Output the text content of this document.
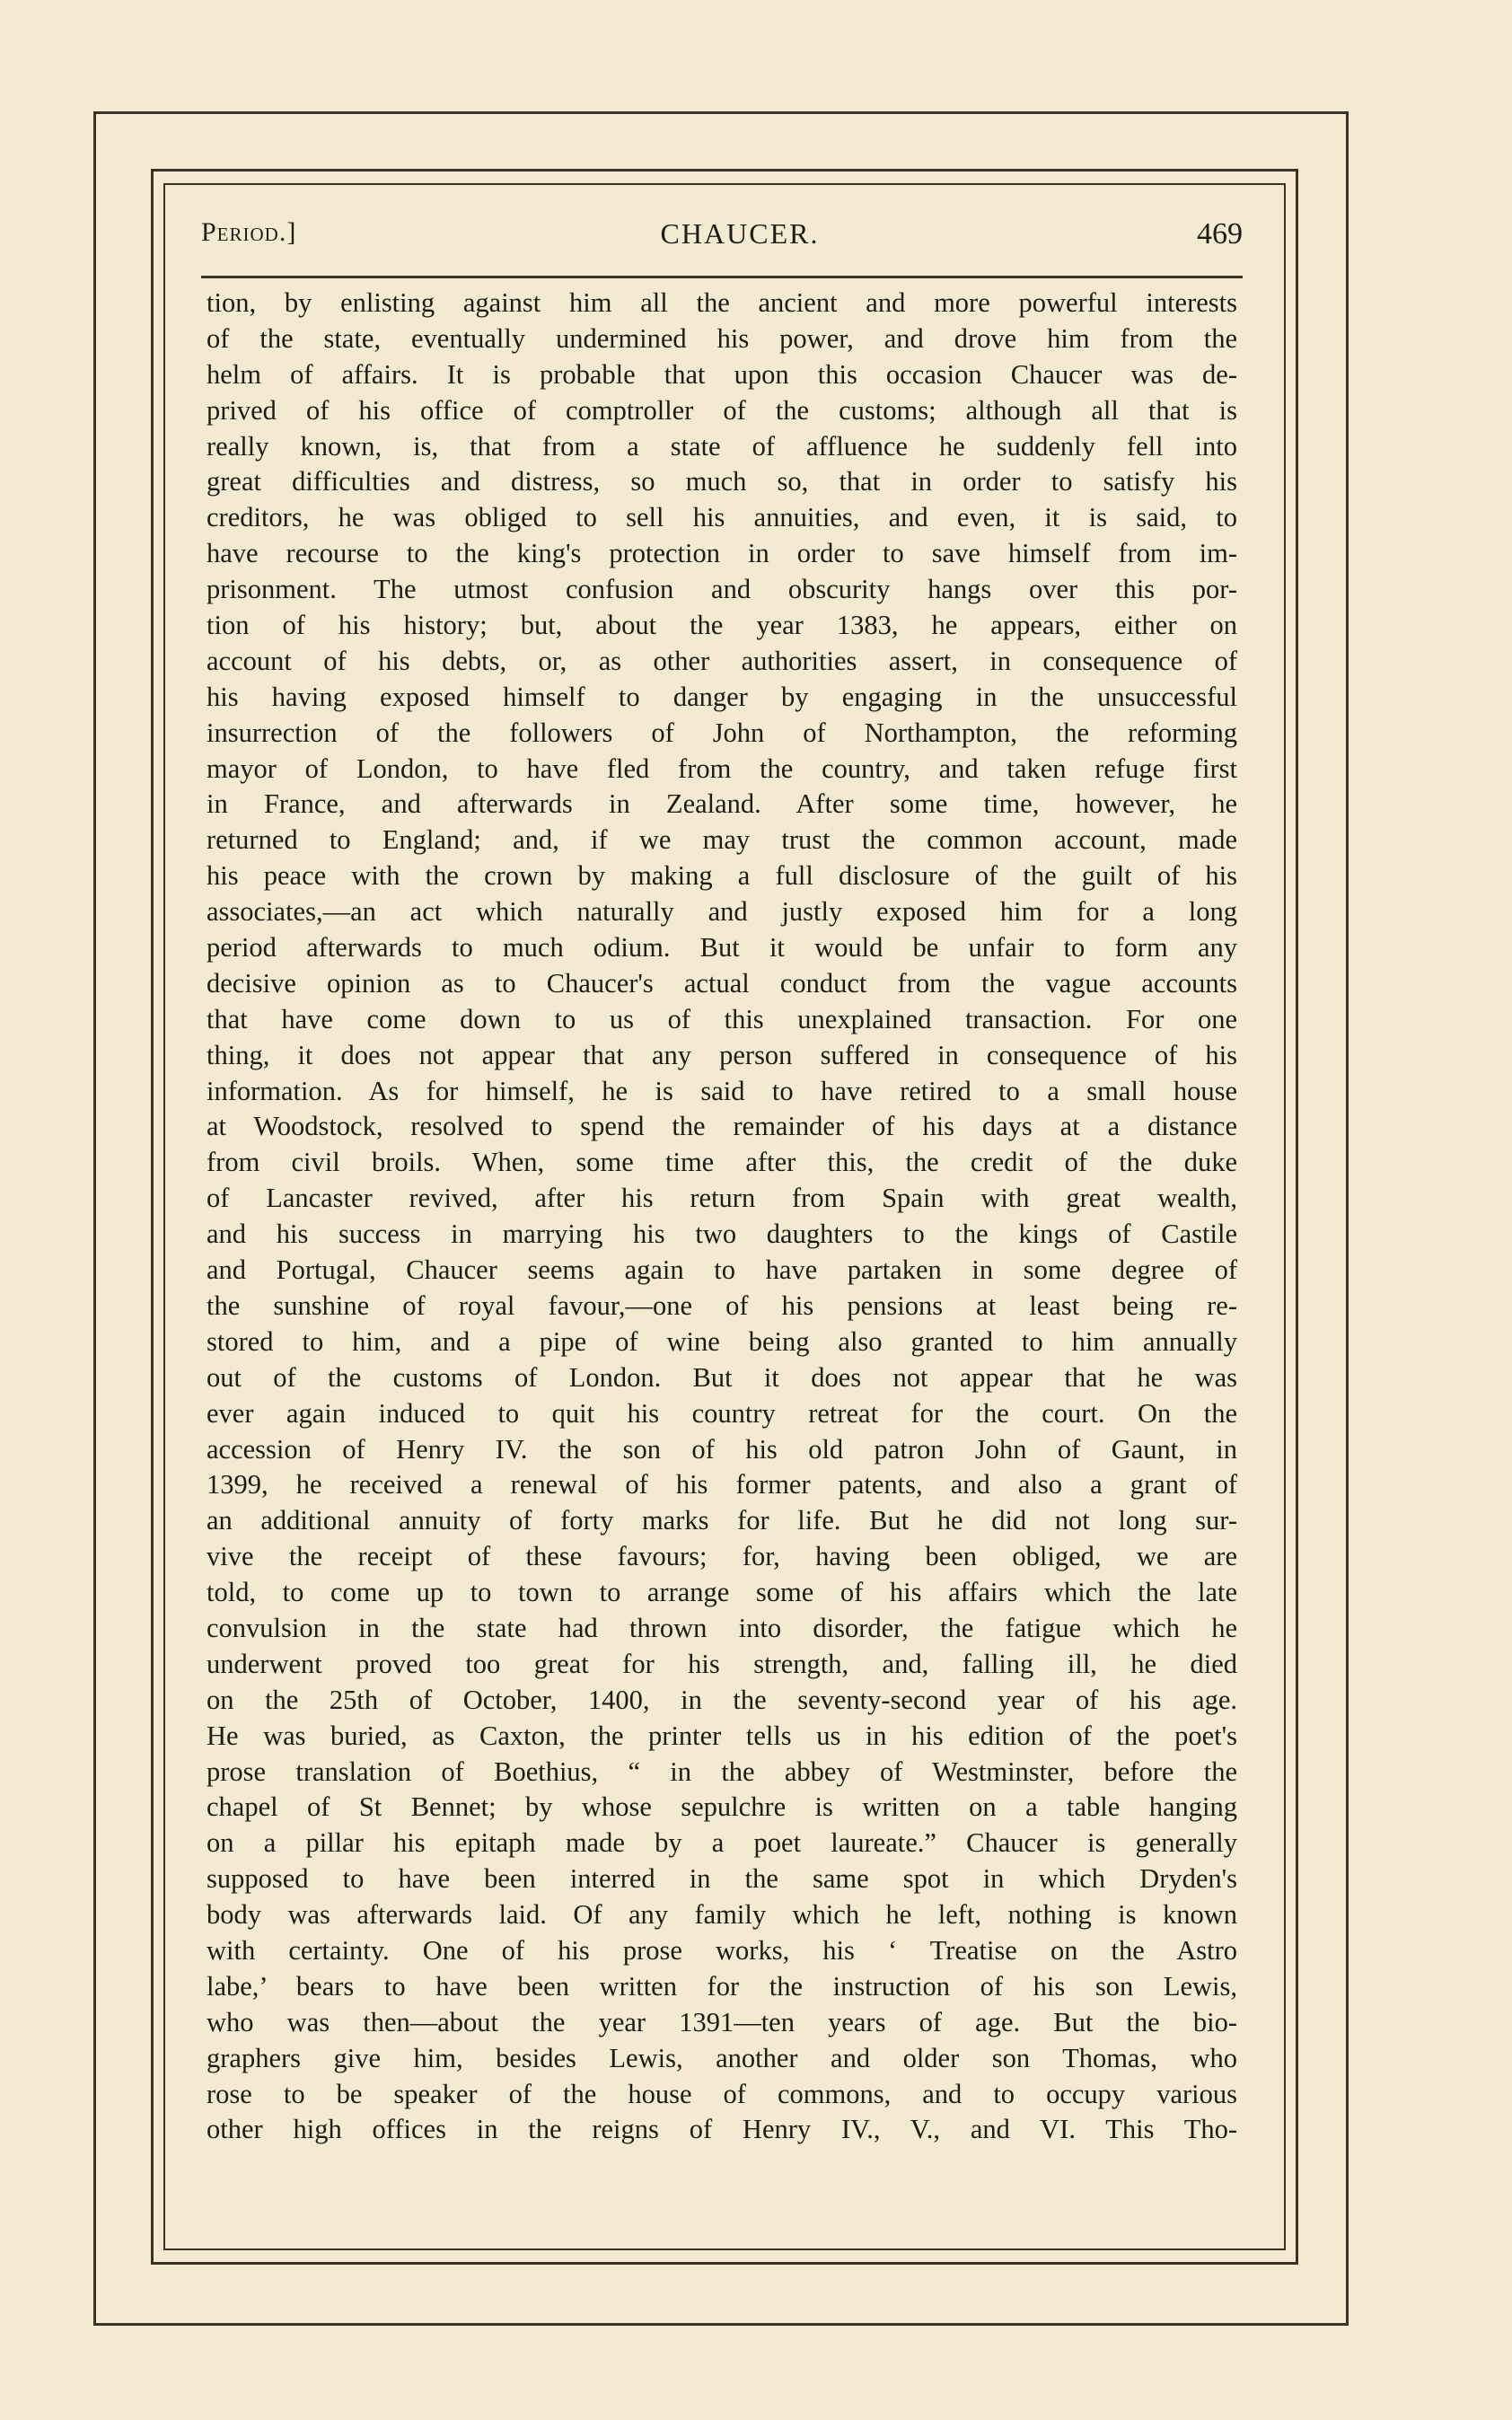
Period.]	CHAUCER.	469
tion, by enlisting against him all the ancient and more powerful interests
of the state, eventually undermined his power, and drove him from the
helm of affairs. It is probable that upon this occasion Chaucer was de-
prived of his office of comptroller of the customs; although all that is
really known, is, that from a state of affluence he suddenly fell into
great difficulties and distress, so much so, that in order to satisfy his
creditors, he was obliged to sell his annuities, and even, it is said, to
have recourse to the king's protection in order to save himself from im-
prisonment. The utmost confusion and obscurity hangs over this por-
tion of his history; but, about the year 1383, he appears, either on
account of his debts, or, as other authorities assert, in consequence of
his having exposed himself to danger by engaging in the unsuccessful
insurrection of the followers of John of Northampton, the reforming
mayor of London, to have fled from the country, and taken refuge first
in France, and afterwards in Zealand. After some time, however, he
returned to England; and, if we may trust the common account, made
his peace with the crown by making a full disclosure of the guilt of his
associates,—an act which naturally and justly exposed him for a long
period afterwards to much odium. But it would be unfair to form any
decisive opinion as to Chaucer's actual conduct from the vague accounts
that have come down to us of this unexplained transaction. For one
thing, it does not appear that any person suffered in consequence of his
information. As for himself, he is said to have retired to a small house
at Woodstock, resolved to spend the remainder of his days at a distance
from civil broils. When, some time after this, the credit of the duke
of Lancaster revived, after his return from Spain with great wealth,
and his success in marrying his two daughters to the kings of Castile
and Portugal, Chaucer seems again to have partaken in some degree of
the sunshine of royal favour,—one of his pensions at least being re-
stored to him, and a pipe of wine being also granted to him annually
out of the customs of London. But it does not appear that he was
ever again induced to quit his country retreat for the court. On the
accession of Henry IV. the son of his old patron John of Gaunt, in
1399, he received a renewal of his former patents, and also a grant of
an additional annuity of forty marks for life. But he did not long sur-
vive the receipt of these favours; for, having been obliged, we are
told, to come up to town to arrange some of his affairs which the late
convulsion in the state had thrown into disorder, the fatigue which he
underwent proved too great for his strength, and, falling ill, he died
on the 25th of October, 1400, in the seventy-second year of his age.
He was buried, as Caxton, the printer tells us in his edition of the poet's
prose translation of Boethius, “ in the abbey of Westminster, before the
chapel of St Bennet; by whose sepulchre is written on a table hanging
on a pillar his epitaph made by a poet laureate.” Chaucer is generally
supposed to have been interred in the same spot in which Dryden's
body was afterwards laid. Of any family which he left, nothing is known
with certainty. One of his prose works, his ‘ Treatise on the Astro
labe,’ bears to have been written for the instruction of his son Lewis,
who was then—about the year 1391—ten years of age. But the bio-
graphers give him, besides Lewis, another and older son Thomas, who
rose to be speaker of the house of commons, and to occupy various
other high offices in the reigns of Henry IV., V., and VI. This Tho-
